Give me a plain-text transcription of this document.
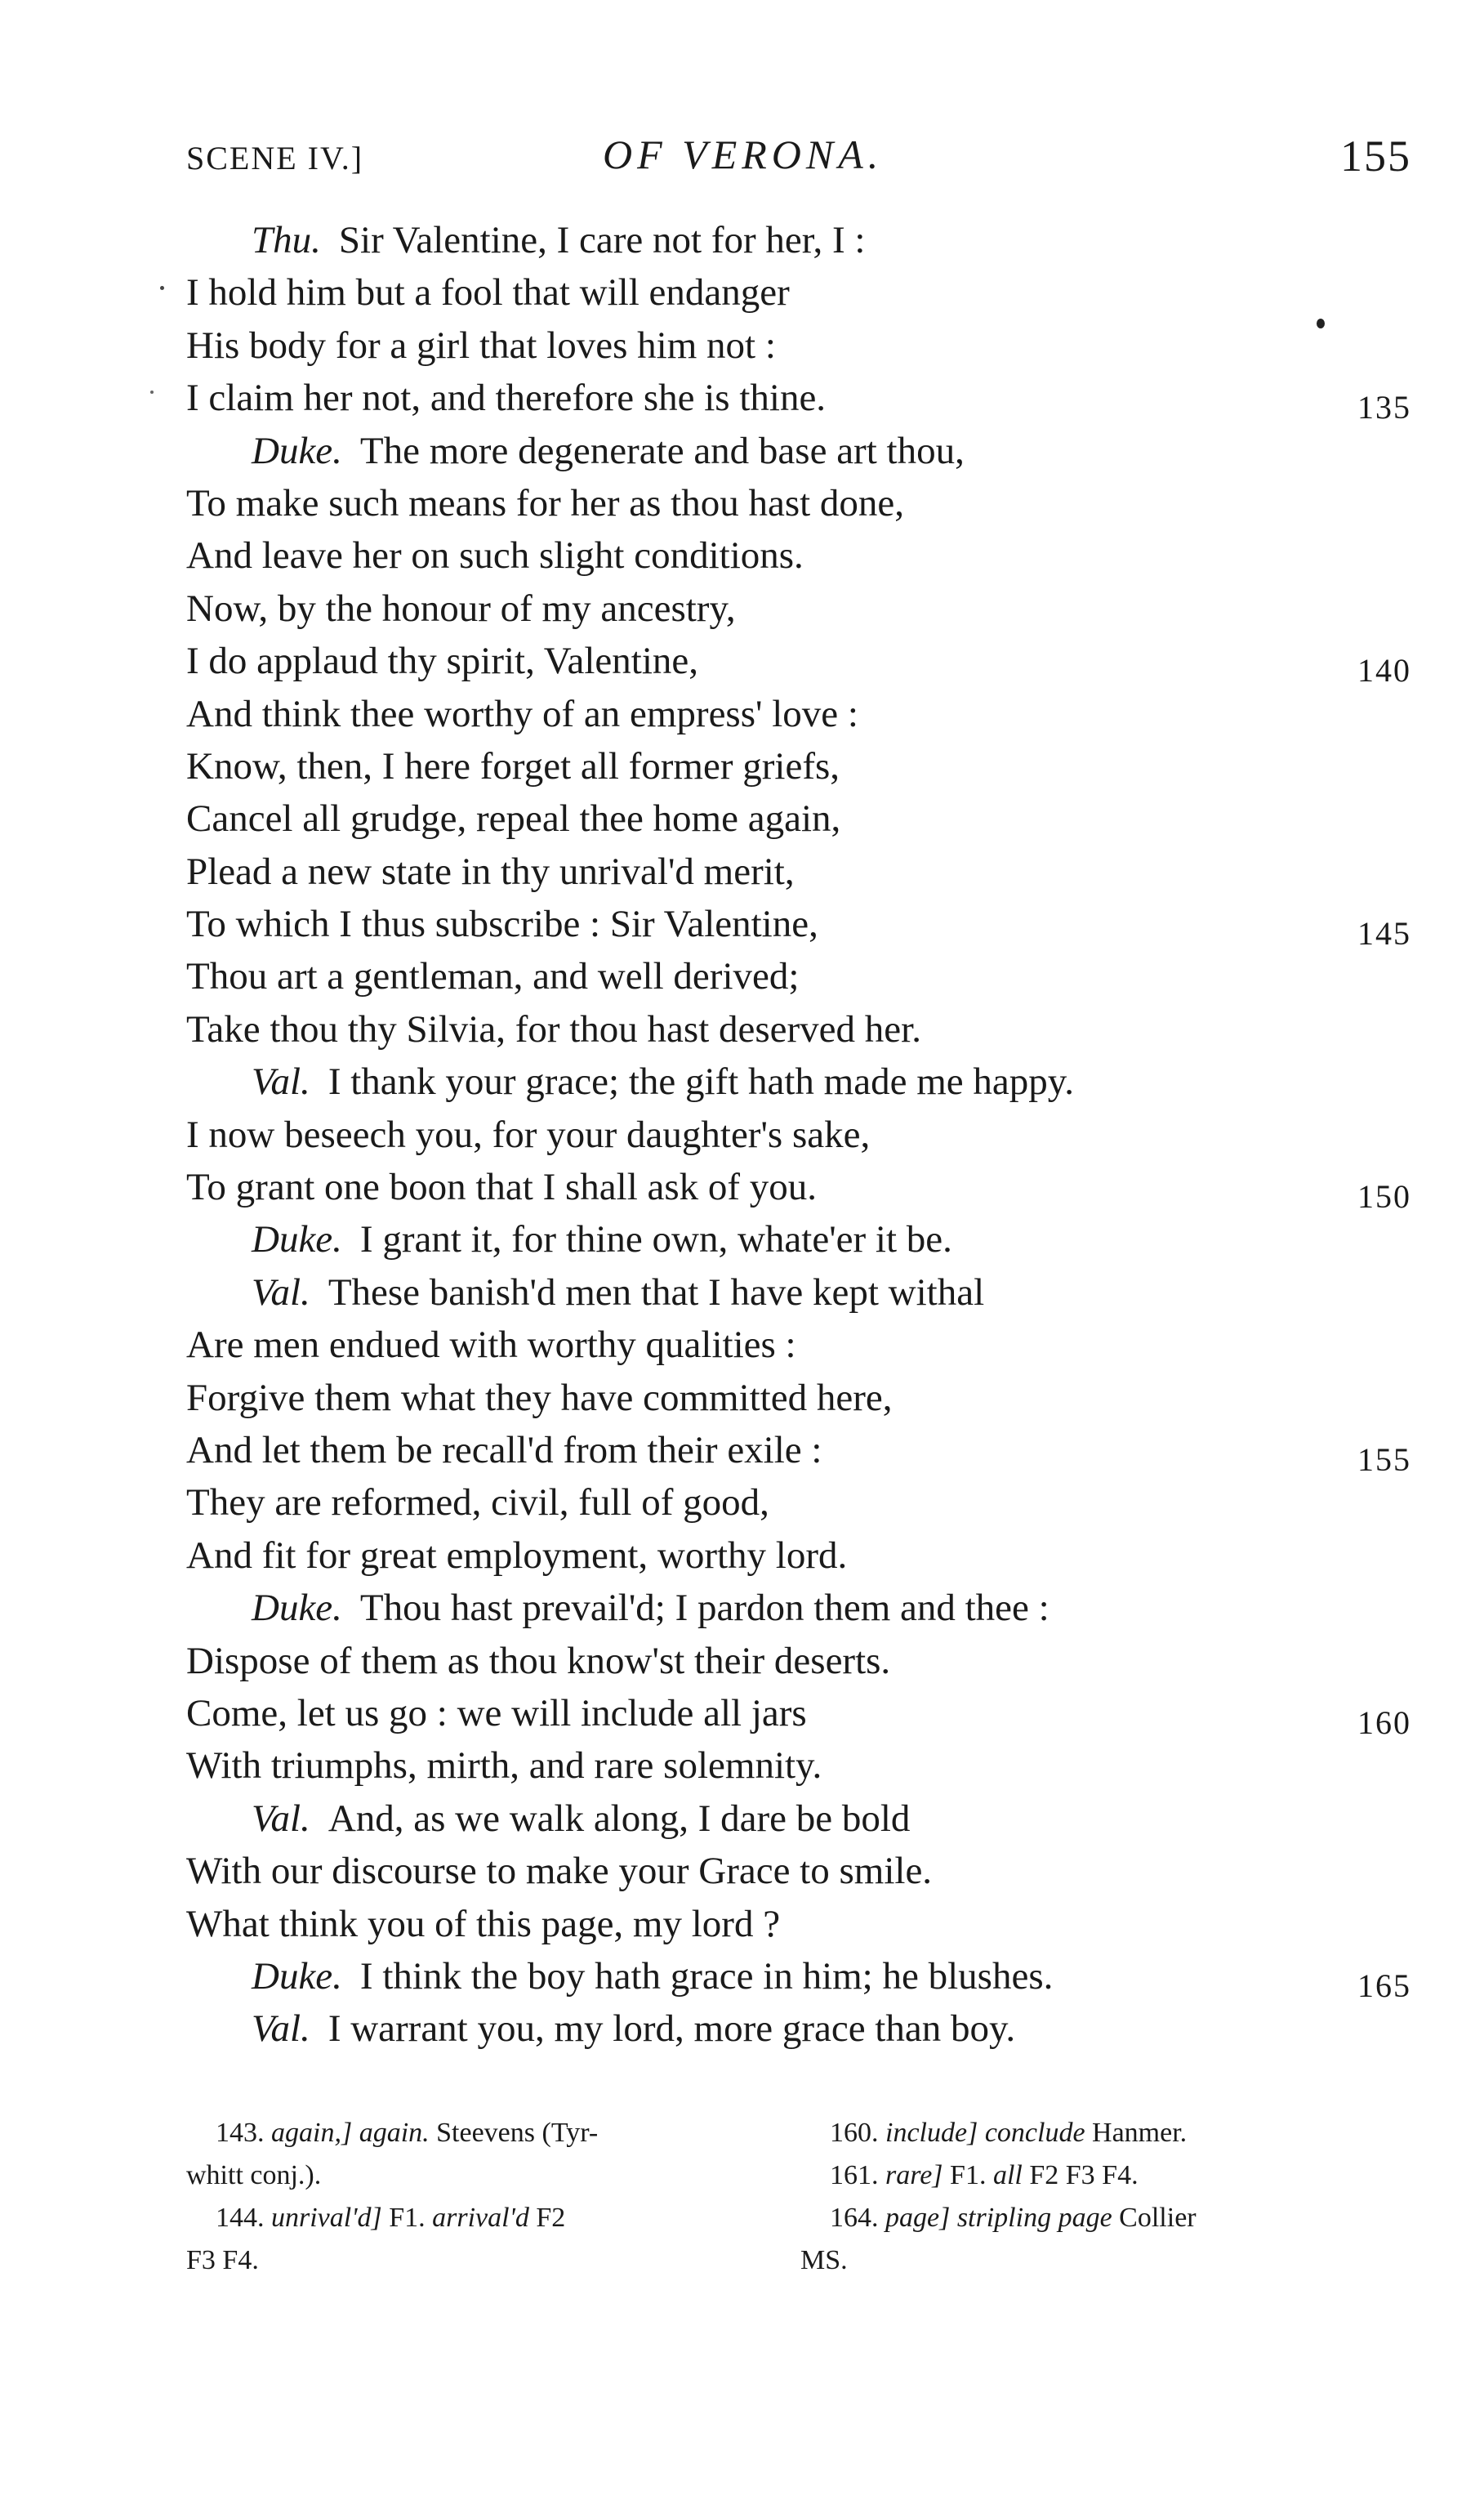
SCENE IV.]	OF VERONA.	155
Thu. Sir Valentine, I care not for her, I :
I hold him but a fool that will endanger
His body for a girl that loves him not :
I claim her not, and therefore she is thine.	135
Duke. The more degenerate and base art thou,
To make such means for her as thou hast done,
And leave her on such slight conditions.
Now, by the honour of my ancestry,
I do applaud thy spirit, Valentine,	140
And think thee worthy of an empress' love :
Know, then, I here forget all former griefs,
Cancel all grudge, repeal thee home again,
Plead a new state in thy unrival'd merit,
To which I thus subscribe : Sir Valentine,	145
Thou art a gentleman, and well derived;
Take thou thy Silvia, for thou hast deserved her.
Val. I thank your grace; the gift hath made me happy.
I now beseech you, for your daughter's sake,
To grant one boon that I shall ask of you.	150
Duke. I grant it, for thine own, whate'er it be.
Val. These banish'd men that I have kept withal
Are men endued with worthy qualities :
Forgive them what they have committed here,
And let them be recall'd from their exile :	155
They are reformed, civil, full of good,
And fit for great employment, worthy lord.
Duke. Thou hast prevail'd; I pardon them and thee :
Dispose of them as thou know'st their deserts.
Come, let us go : we will include all jars	160
With triumphs, mirth, and rare solemnity.
Val. And, as we walk along, I dare be bold
With our discourse to make your Grace to smile.
What think you of this page, my lord ?
Duke. I think the boy hath grace in him; he blushes.	165
Val. I warrant you, my lord, more grace than boy.
143. again,] again. Steevens (Tyr-
whitt conj.).
144. unrival'd] F1. arrival'd F2
F3 F4.
160. include] conclude Hanmer.
161. rare] F1. all F2 F3 F4.
164. page] stripling page Collier
MS.
